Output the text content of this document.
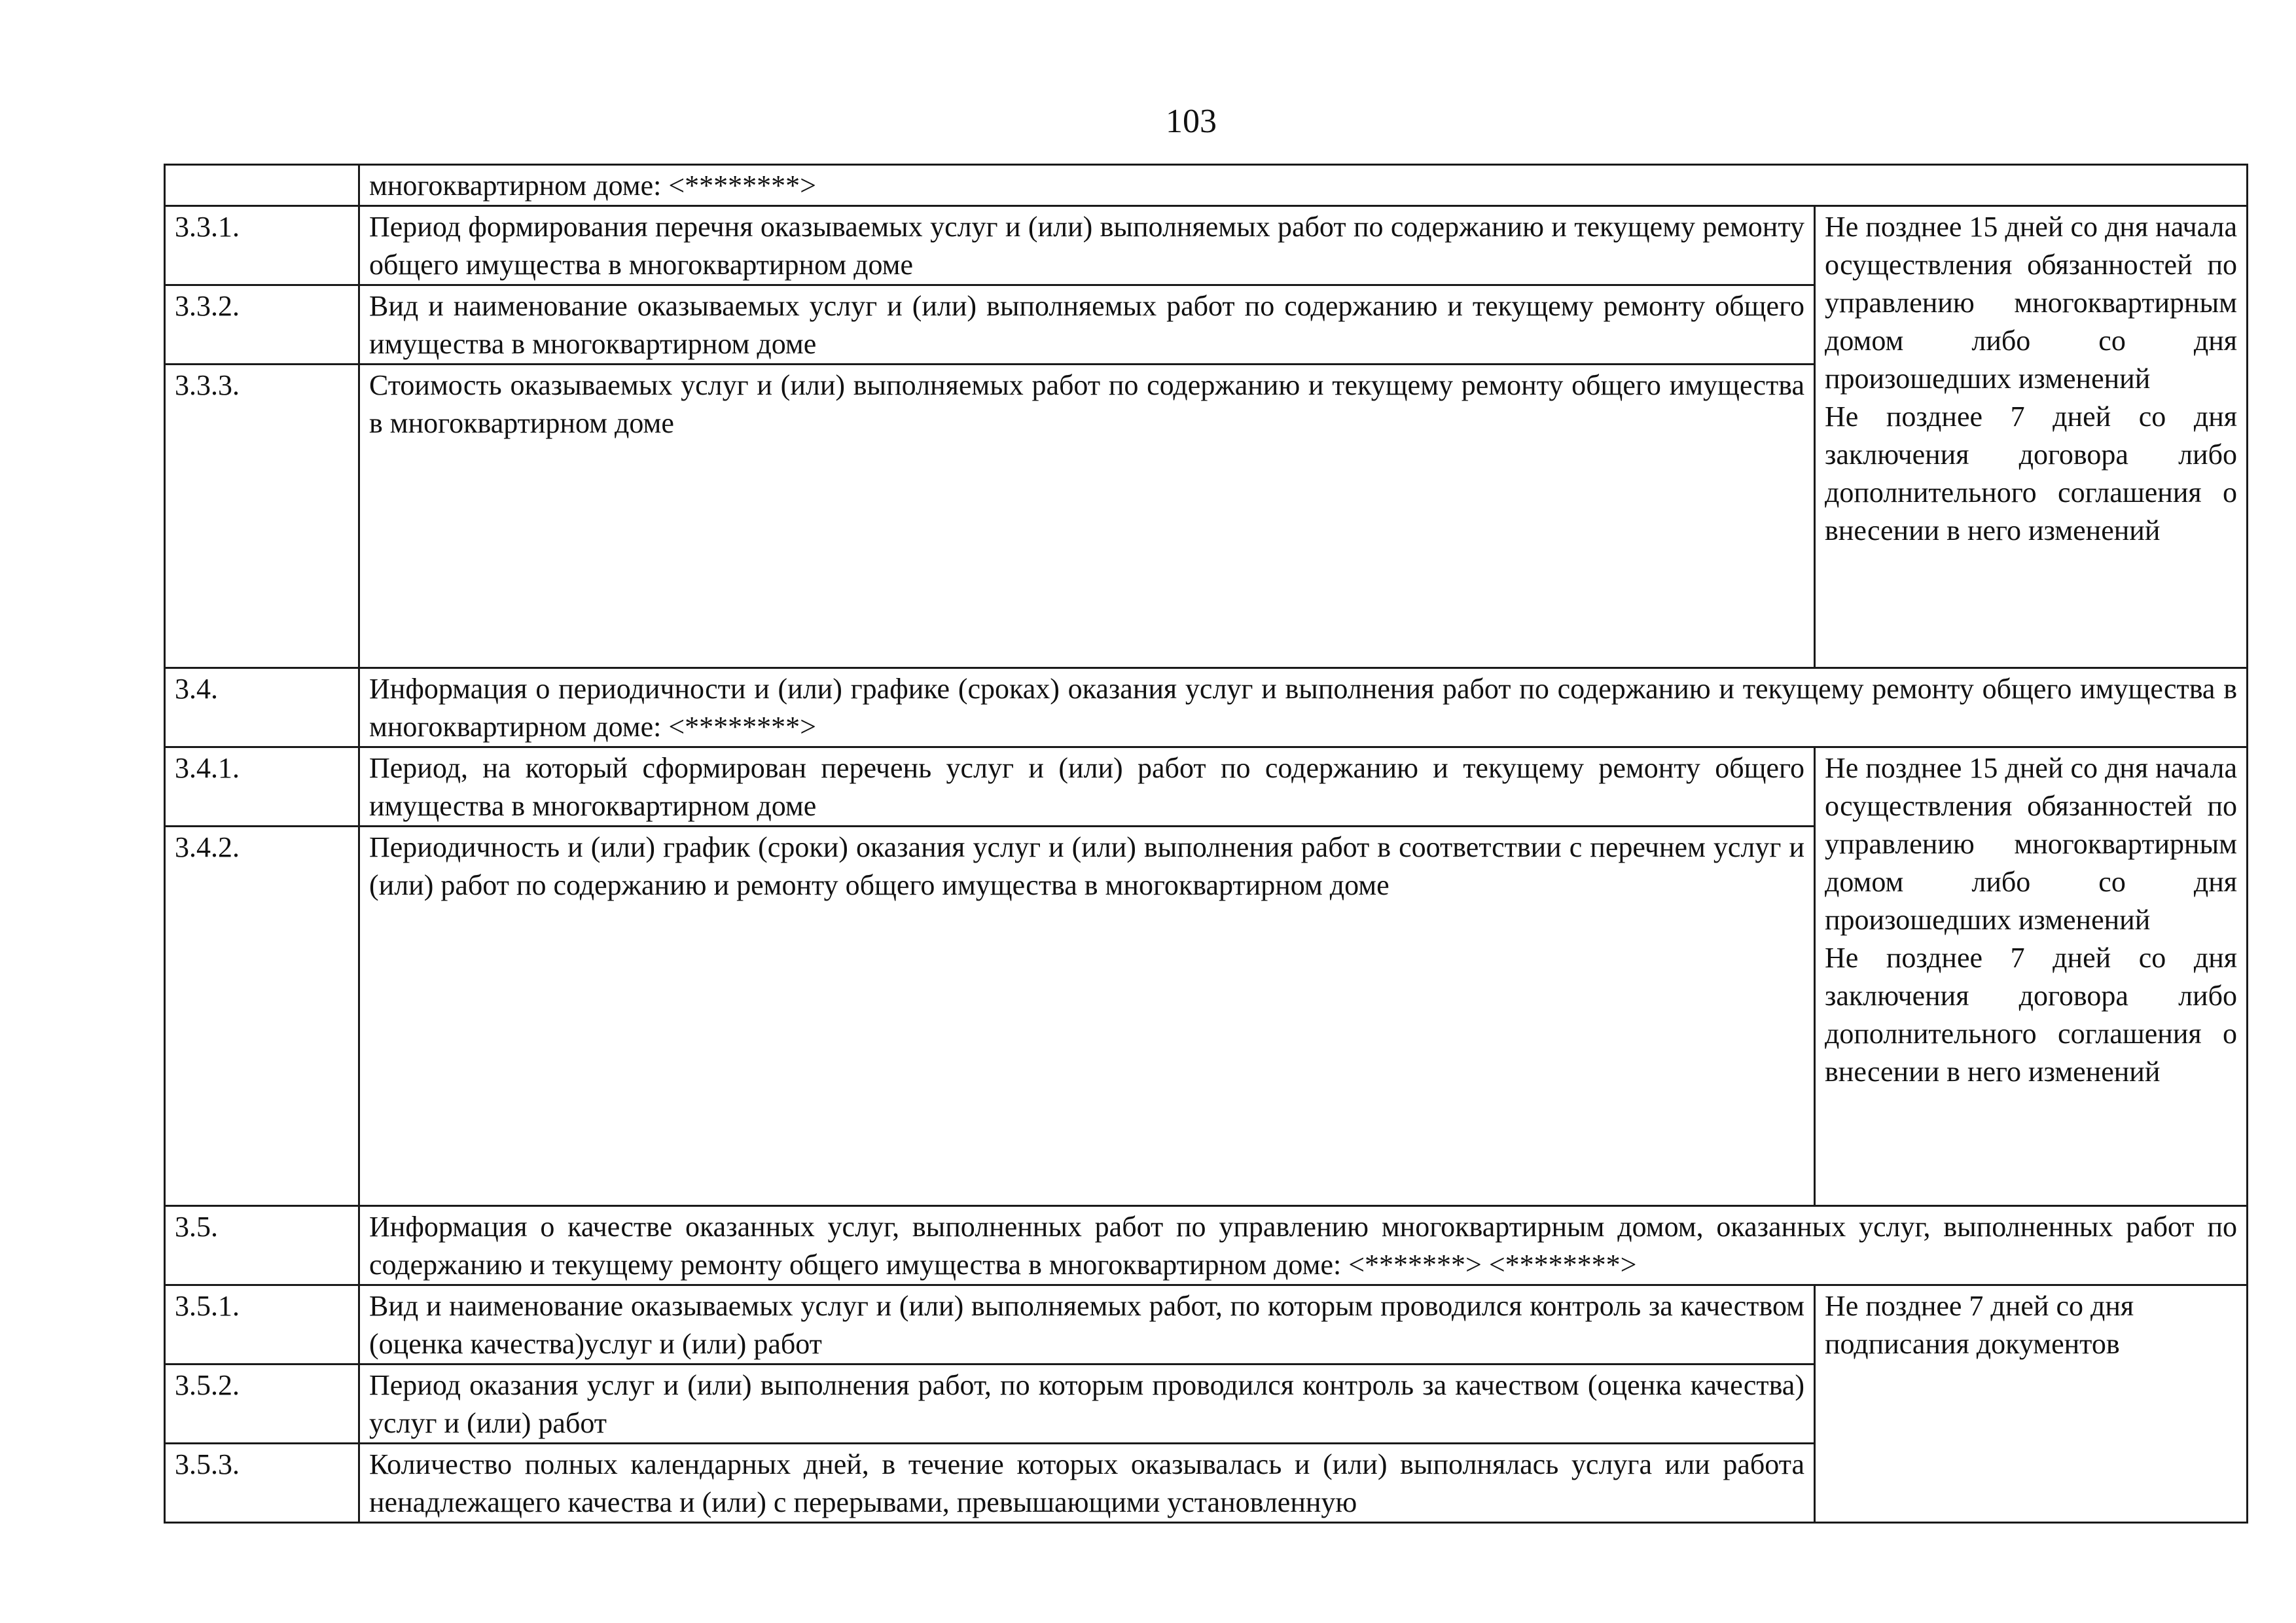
103
	многоквартирном доме: <********>	
3.3.1.	Период формирования перечня оказываемых услуг и (или) выполняемых работ по содержанию и текущему ремонту общего имущества в многоквартирном доме	Не позднее 15 дней со дня начала осуществления обязанностей по управлению многоквартирным домом либо со дня произошедших изменений

Не позднее 7 дней со дня заключения договора либо дополнительного соглашения о внесении в него изменений

3.3.2.	Вид и наименование оказываемых услуг и (или) выполняемых работ по содержанию и текущему ремонту общего имущества в многоквартирном доме	
3.3.3.	Стоимость оказываемых услуг и (или) выполняемых работ по содержанию и текущему ремонту общего имущества в многоквартирном доме	
3.4.	Информация о периодичности и (или) графике (сроках) оказания услуг и выполнения работ по содержанию и текущему ремонту общего имущества в многоквартирном доме: <********>	
3.4.1.	Период, на который сформирован перечень услуг и (или) работ по содержанию и текущему ремонту общего имущества в многоквартирном доме	Не позднее 15 дней со дня начала осуществления обязанностей по управлению многоквартирным домом либо со дня произошедших изменений

Не позднее 7 дней со дня заключения договора либо дополнительного соглашения о внесении в него изменений

3.4.2.	Периодичность и (или) график (сроки) оказания услуг и (или) выполнения работ в соответствии с перечнем услуг и (или) работ по содержанию и ремонту общего имущества в многоквартирном доме	
3.5.	Информация о качестве оказанных услуг, выполненных работ по управлению многоквартирным домом, оказанных услуг, выполненных работ по содержанию и текущему ремонту общего имущества в многоквартирном доме: <*******> <********>	
3.5.1.	Вид и наименование оказываемых услуг и (или) выполняемых работ, по которым проводился контроль за качеством (оценка качества)услуг и (или) работ	Не позднее 7 дней со дня подписания документов

3.5.2.	Период оказания услуг и (или) выполнения работ, по которым проводился контроль за качеством (оценка качества) услуг и (или) работ	
3.5.3.	Количество полных календарных дней, в течение которых оказывалась и (или) выполнялась услуга или работа ненадлежащего качества и (или) с перерывами, превышающими установленную	
